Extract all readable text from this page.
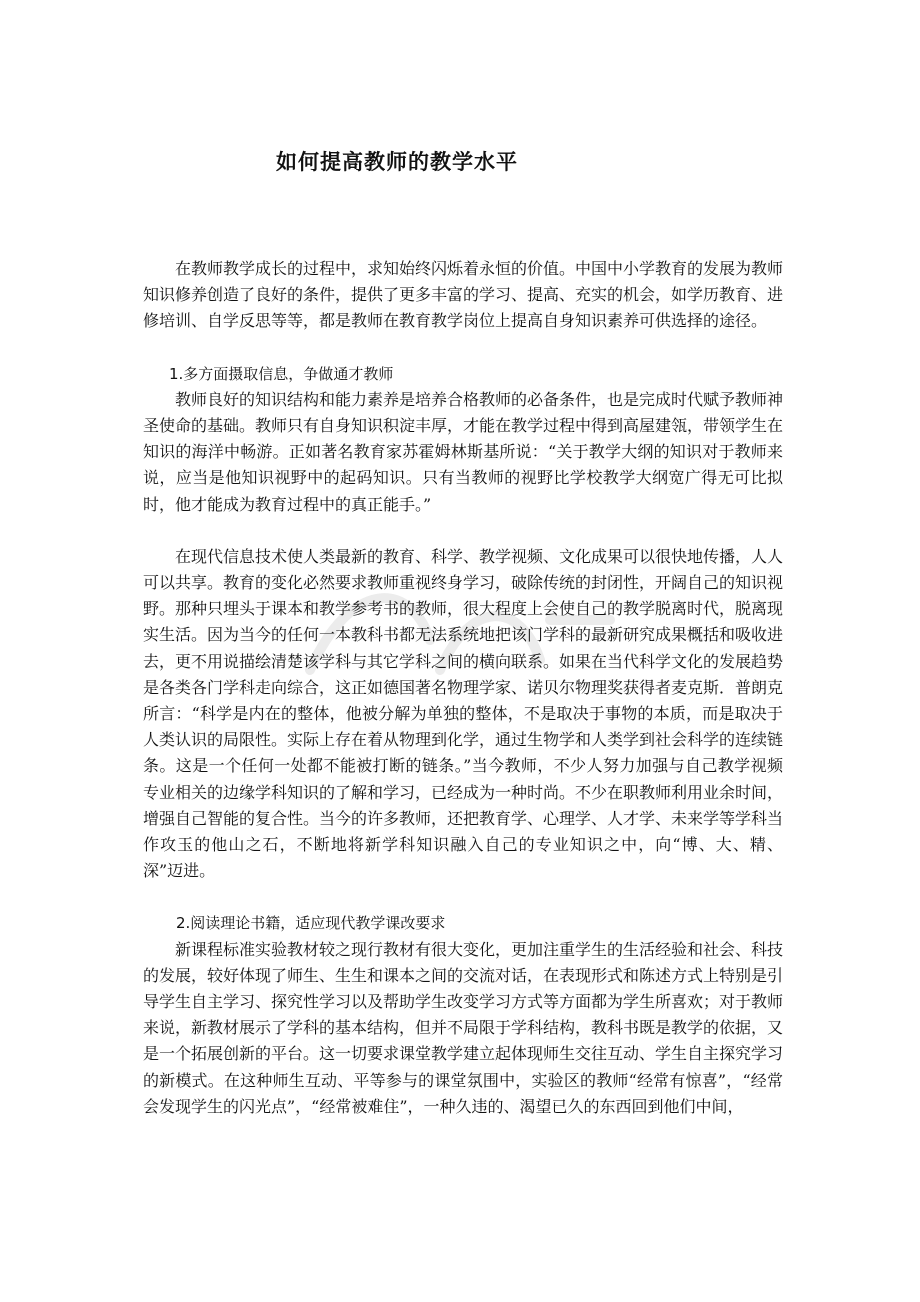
如何提高教师的教学水平

在教师教学成长的过程中，求知始终闪烁着永恒的价值。中国中小学教育的发展为教师知识修养创造了良好的条件，提供了更多丰富的学习、提高、充实的机会，如学历教育、进修培训、自学反思等等，都是教师在教育教学岗位上提高自身知识素养可供选择的途径。

1.多方面摄取信息，争做通才教师

教师良好的知识结构和能力素养是培养合格教师的必备条件，也是完成时代赋予教师神圣使命的基础。教师只有自身知识积淀丰厚，才能在教学过程中得到高屋建瓴，带领学生在知识的海洋中畅游。正如著名教育家苏霍姆林斯基所说：“关于教学大纲的知识对于教师来说，应当是他知识视野中的起码知识。只有当教师的视野比学校教学大纲宽广得无可比拟时，他才能成为教育过程中的真正能手。”

在现代信息技术使人类最新的教育、科学、教学视频、文化成果可以很快地传播，人人可以共享。教育的变化必然要求教师重视终身学习，破除传统的封闭性，开阔自己的知识视野。那种只埋头于课本和教学参考书的教师，很大程度上会使自己的教学脱离时代，脱离现实生活。因为当今的任何一本教科书都无法系统地把该门学科的最新研究成果概括和吸收进去，更不用说描绘清楚该学科与其它学科之间的横向联系。如果在当代科学文化的发展趋势是各类各门学科走向综合，这正如德国著名物理学家、诺贝尔物理奖获得者麦克斯．普朗克所言：“科学是内在的整体，他被分解为单独的整体，不是取决于事物的本质，而是取决于人类认识的局限性。实际上存在着从物理到化学，通过生物学和人类学到社会科学的连续链条。这是一个任何一处都不能被打断的链条。”当今教师，不少人努力加强与自己教学视频专业相关的边缘学科知识的了解和学习，已经成为一种时尚。不少在职教师利用业余时间，增强自己智能的复合性。当今的许多教师，还把教育学、心理学、人才学、未来学等学科当作攻玉的他山之石，不断地将新学科知识融入自己的专业知识之中，向“博、大、精、深”迈进。

2.阅读理论书籍，适应现代教学课改要求

新课程标准实验教材较之现行教材有很大变化，更加注重学生的生活经验和社会、科技的发展，较好体现了师生、生生和课本之间的交流对话，在表现形式和陈述方式上特别是引导学生自主学习、探究性学习以及帮助学生改变学习方式等方面都为学生所喜欢；对于教师来说，新教材展示了学科的基本结构，但并不局限于学科结构，教科书既是教学的依据，又是一个拓展创新的平台。这一切要求课堂教学建立起体现师生交往互动、学生自主探究学习的新模式。在这种师生互动、平等参与的课堂氛围中，实验区的教师“经常有惊喜”，“经常会发现学生的闪光点”，“经常被难住”，一种久违的、渴望已久的东西回到他们中间，
